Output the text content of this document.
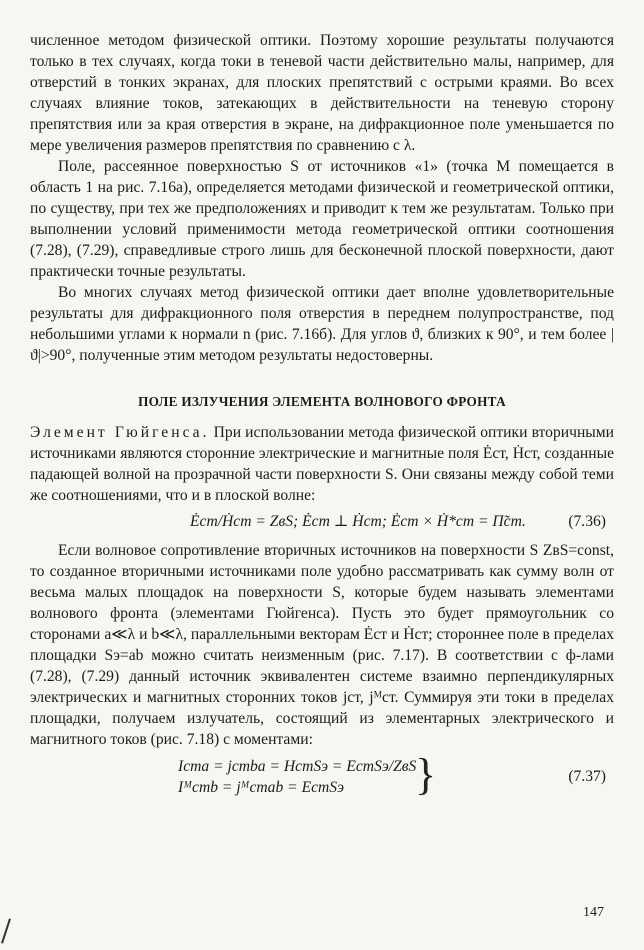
численное методом физической оптики. Поэтому хорошие результаты получаются только в тех случаях, когда токи в теневой части действительно малы, например, для отверстий в тонких экранах, для плоских препятствий с острыми краями. Во всех случаях влияние токов, затекающих в действительности на теневую сторону препятствия или за края отверстия в экране, на дифракционное поле уменьшается по мере увеличения размеров препятствия по сравнению с λ.

Поле, рассеянное поверхностью S от источников «1» (точка M помещается в область 1 на рис. 7.16а), определяется методами физической и геометрической оптики, по существу, при тех же предположениях и приводит к тем же результатам. Только при выполнении условий применимости метода геометрической оптики соотношения (7.28), (7.29), справедливые строго лишь для бесконечной плоской поверхности, дают практически точные результаты.

Во многих случаях метод физической оптики дает вполне удовлетворительные результаты для дифракционного поля отверстия в переднем полупространстве, под небольшими углами к нормали n (рис. 7.16б). Для углов ϑ, близких к 90°, и тем более |ϑ|>90°, полученные этим методом результаты недостоверны.

ПОЛЕ ИЗЛУЧЕНИЯ ЭЛЕМЕНТА ВОЛНОВОГО ФРОНТА

Элемент Гюйгенса. При использовании метода физической оптики вторичными источниками являются сторонние электрические и магнитные поля Ėст, Ḣст, созданные падающей волной на прозрачной части поверхности S. Они связаны между собой теми же соотношениями, что и в плоской волне:

Ėст/Ḣст = ZвS; Ėст ⊥ Ḣст; Ėст × Ḣ*ст = Π̃ст.	(7.36)

Если волновое сопротивление вторичных источников на поверхности S ZвS=const, то созданное вторичными источниками поле удобно рассматривать как сумму волн от весьма малых площадок на поверхности S, которые будем называть элементами волнового фронта (элементами Гюйгенса). Пусть это будет прямоугольник со сторонами a≪λ и b≪λ, параллельными векторам Ėст и Ḣст; стороннее поле в пределах площадки Sэ=ab можно считать неизменным (рис. 7.17). В соответствии с ф-лами (7.28), (7.29) данный источник эквивалентен системе взаимно перпендикулярных электрических и магнитных сторонних токов jст, jᴹст. Суммируя эти токи в пределах площадки, получаем излучатель, состоящий из элементарных электрического и магнитного токов (рис. 7.18) с моментами:

Iстa = jстba = HстSэ = EстSэ/ZвS
Iᴹстb = jᴹстab = EстSэ	}	(7.37)
147
